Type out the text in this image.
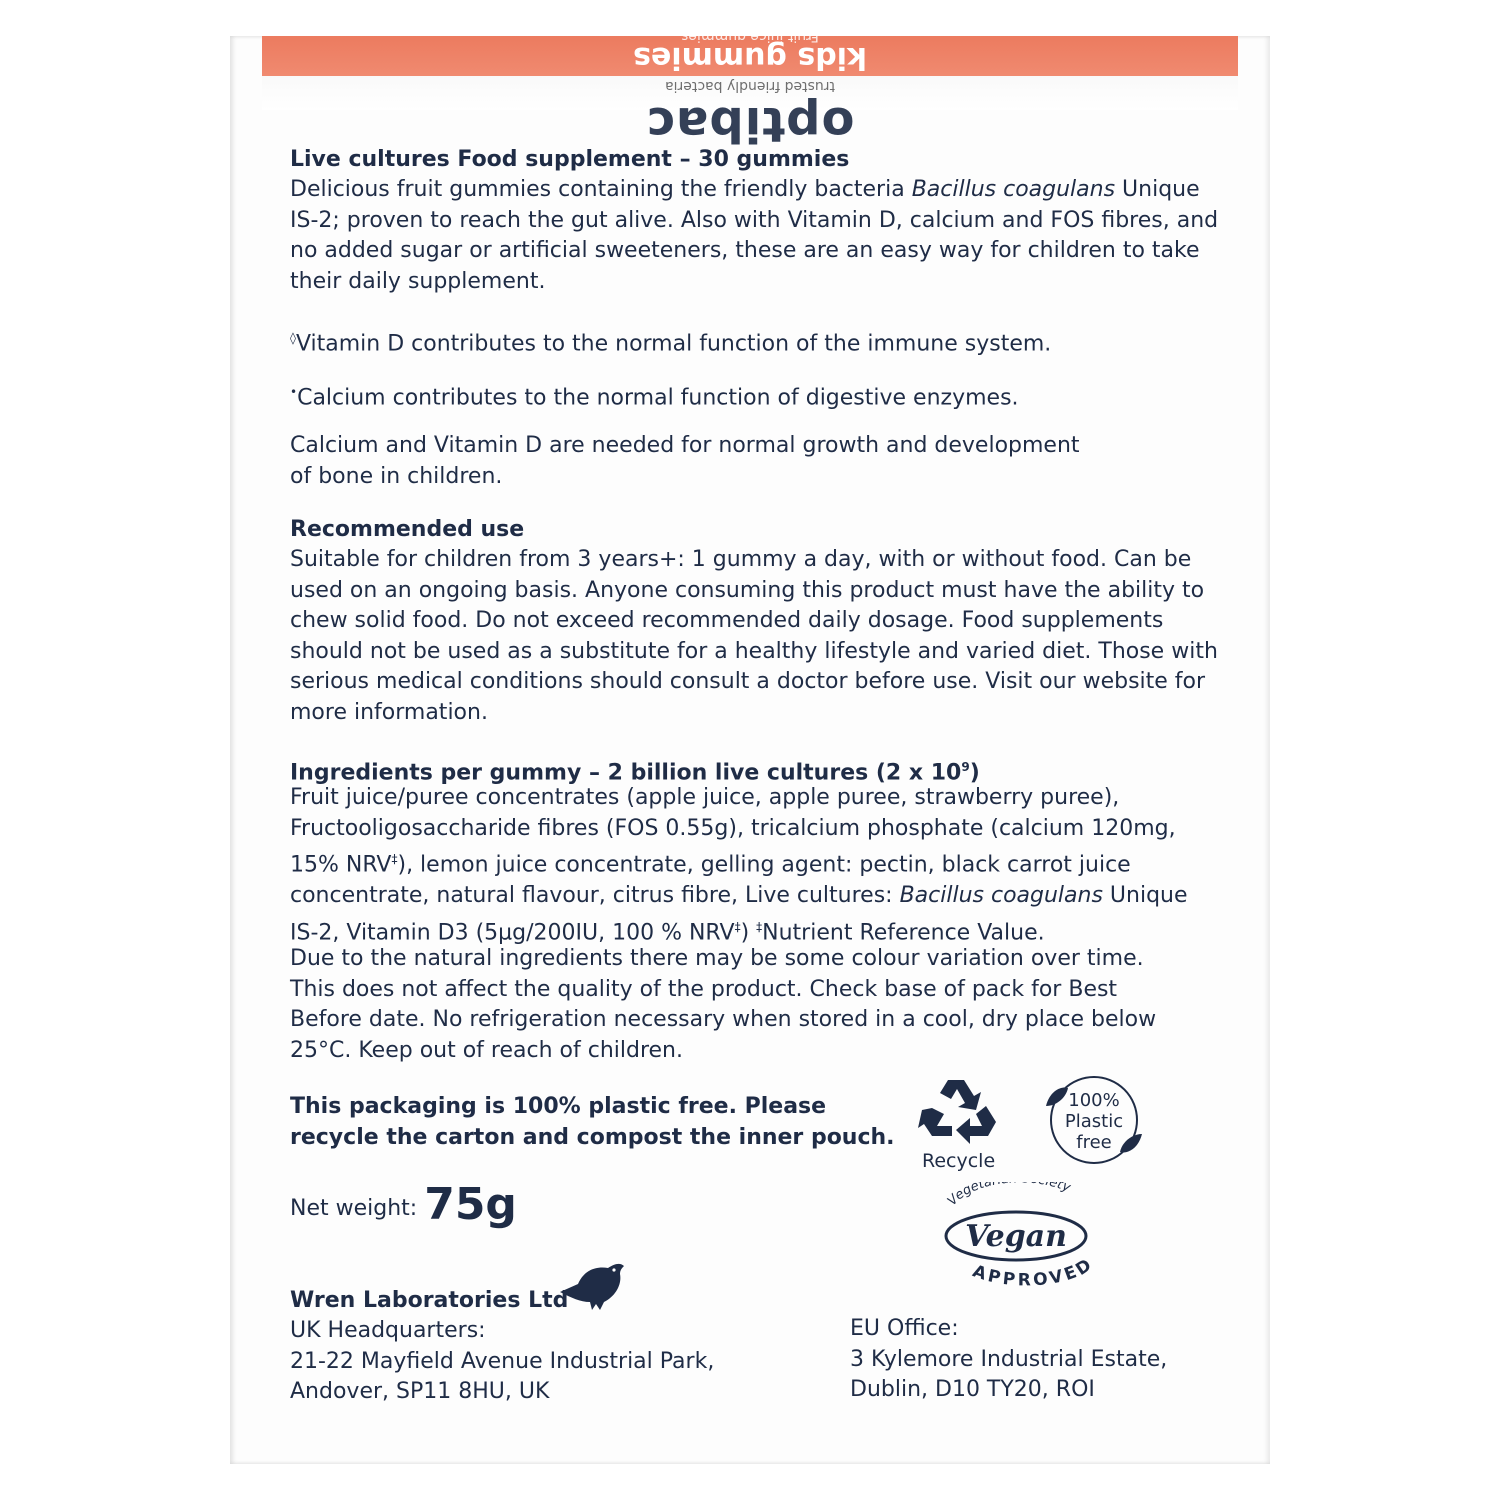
Fruit juice gummies
kids gummies
optibac
trusted friendly bacteria
Live cultures Food supplement – 30 gummies
Delicious fruit gummies containing the friendly bacteria Bacillus coagulans Unique IS-2; proven to reach the gut alive. Also with Vitamin D, calcium and FOS fibres, and no added sugar or artificial sweeteners, these are an easy way for children to take their daily supplement.
◊Vitamin D contributes to the normal function of the immune system.
•Calcium contributes to the normal function of digestive enzymes.
Calcium and Vitamin D are needed for normal growth and development of bone in children.
Recommended use
Suitable for children from 3 years+: 1 gummy a day, with or without food. Can be used on an ongoing basis. Anyone consuming this product must have the ability to chew solid food. Do not exceed recommended daily dosage. Food supplements should not be used as a substitute for a healthy lifestyle and varied diet. Those with serious medical conditions should consult a doctor before use. Visit our website for more information.
Ingredients per gummy – 2 billion live cultures (2 x $10^9$)
Fruit juice/puree concentrates (apple juice, apple puree, strawberry puree), Fructooligosaccharide fibres (FOS 0.55g), tricalcium phosphate (calcium 120mg, 15% NRV‡), lemon juice concentrate, gelling agent: pectin, black carrot juice concentrate, natural flavour, citrus fibre, Live cultures: Bacillus coagulans Unique IS-2, Vitamin D3 (5µg/200IU, 100 % NRV‡) ‡Nutrient Reference Value.
Due to the natural ingredients there may be some colour variation over time. This does not affect the quality of the product. Check base of pack for Best Before date. No refrigeration necessary when stored in a cool, dry place below 25°C. Keep out of reach of children.
This packaging is 100% plastic free. Please recycle the carton and compost the inner pouch.
Recycle
100%
Plastic
free
Vegeta ety
Vegan
APPROVED
Net weight: 75g
Wren Laboratories Ltd
UK Headquarters:
21-22 Mayfield Avenue Industrial Park,
Andover, SP11 8HU, UK
EU Office:
3 Kylemore Industrial Estate,
Dublin, D10 TY20, ROI
